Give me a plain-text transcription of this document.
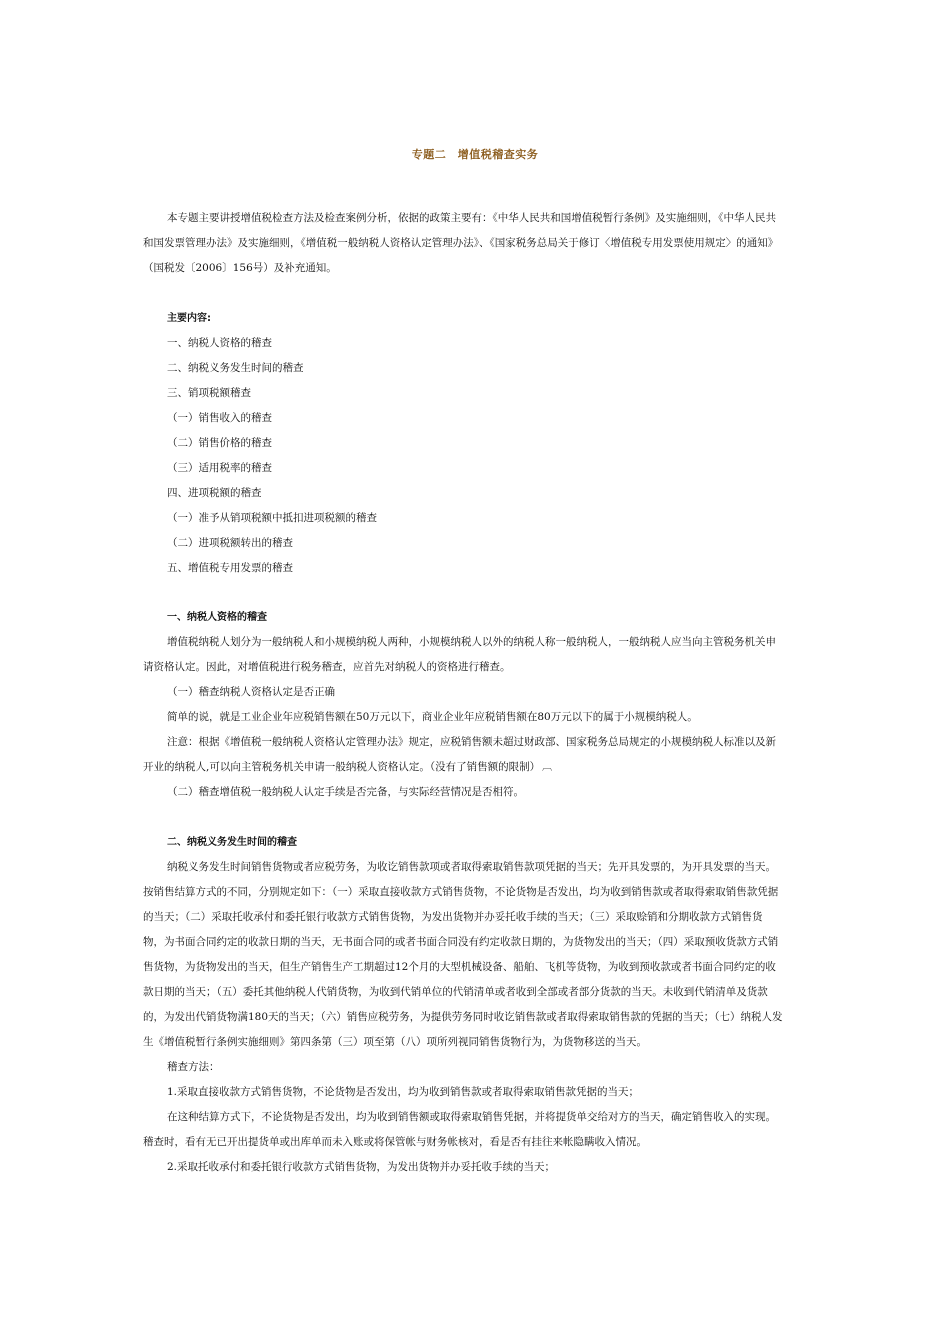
专题二　增值税稽查实务

本专题主要讲授增值税检查方法及检查案例分析，依据的政策主要有：《中华人民共和国增值税暂行条例》及实施细则，《中华人民共和国发票管理办法》及实施细则，《增值税一般纳税人资格认定管理办法》、《国家税务总局关于修订〈增值税专用发票使用规定〉的通知》（国税发〔2006〕156号）及补充通知。

主要内容:

一、纳税人资格的稽查

二、纳税义务发生时间的稽查

三、销项税额稽查

（一）销售收入的稽查

（二）销售价格的稽查

（三）适用税率的稽查

四、进项税额的稽查

（一）准予从销项税额中抵扣进项税额的稽查

（二）进项税额转出的稽查

五、增值税专用发票的稽查

一、纳税人资格的稽查

增值税纳税人划分为一般纳税人和小规模纳税人两种，小规模纳税人以外的纳税人称一般纳税人，一般纳税人应当向主管税务机关申请资格认定。因此，对增值税进行税务稽查，应首先对纳税人的资格进行稽查。

（一）稽查纳税人资格认定是否正确

简单的说，就是工业企业年应税销售额在50万元以下，商业企业年应税销售额在80万元以下的属于小规模纳税人。

注意：根据《增值税一般纳税人资格认定管理办法》规定，应税销售额未超过财政部、国家税务总局规定的小规模纳税人标准以及新开业的纳税人,可以向主管税务机关申请一般纳税人资格认定。（没有了销售额的限制） ︹

（二）稽查增值税一般纳税人认定手续是否完备，与实际经营情况是否相符。

二、纳税义务发生时间的稽查

纳税义务发生时间销售货物或者应税劳务，为收讫销售款项或者取得索取销售款项凭据的当天；先开具发票的，为开具发票的当天。按销售结算方式的不同，分别规定如下：（一）采取直接收款方式销售货物，不论货物是否发出，均为收到销售款或者取得索取销售款凭据的当天；（二）采取托收承付和委托银行收款方式销售货物，为发出货物并办妥托收手续的当天；（三）采取赊销和分期收款方式销售货物，为书面合同约定的收款日期的当天，无书面合同的或者书面合同没有约定收款日期的，为货物发出的当天；（四）采取预收货款方式销售货物，为货物发出的当天，但生产销售生产工期超过12个月的大型机械设备、船舶、飞机等货物，为收到预收款或者书面合同约定的收款日期的当天；（五）委托其他纳税人代销货物，为收到代销单位的代销清单或者收到全部或者部分货款的当天。未收到代销清单及货款的，为发出代销货物满180天的当天；（六）销售应税劳务，为提供劳务同时收讫销售款或者取得索取销售款的凭据的当天；（七）纳税人发生《增值税暂行条例实施细则》第四条第（三）项至第（八）项所列视同销售货物行为，为货物移送的当天。

稽查方法：

1.采取直接收款方式销售货物，不论货物是否发出，均为收到销售款或者取得索取销售款凭据的当天；

在这种结算方式下，不论货物是否发出，均为收到销售额或取得索取销售凭据，并将提货单交给对方的当天，确定销售收入的实现。稽查时，看有无已开出提货单或出库单而未入账或将保管帐与财务帐核对，看是否有挂往来帐隐瞒收入情况。

2.采取托收承付和委托银行收款方式销售货物，为发出货物并办妥托收手续的当天；
